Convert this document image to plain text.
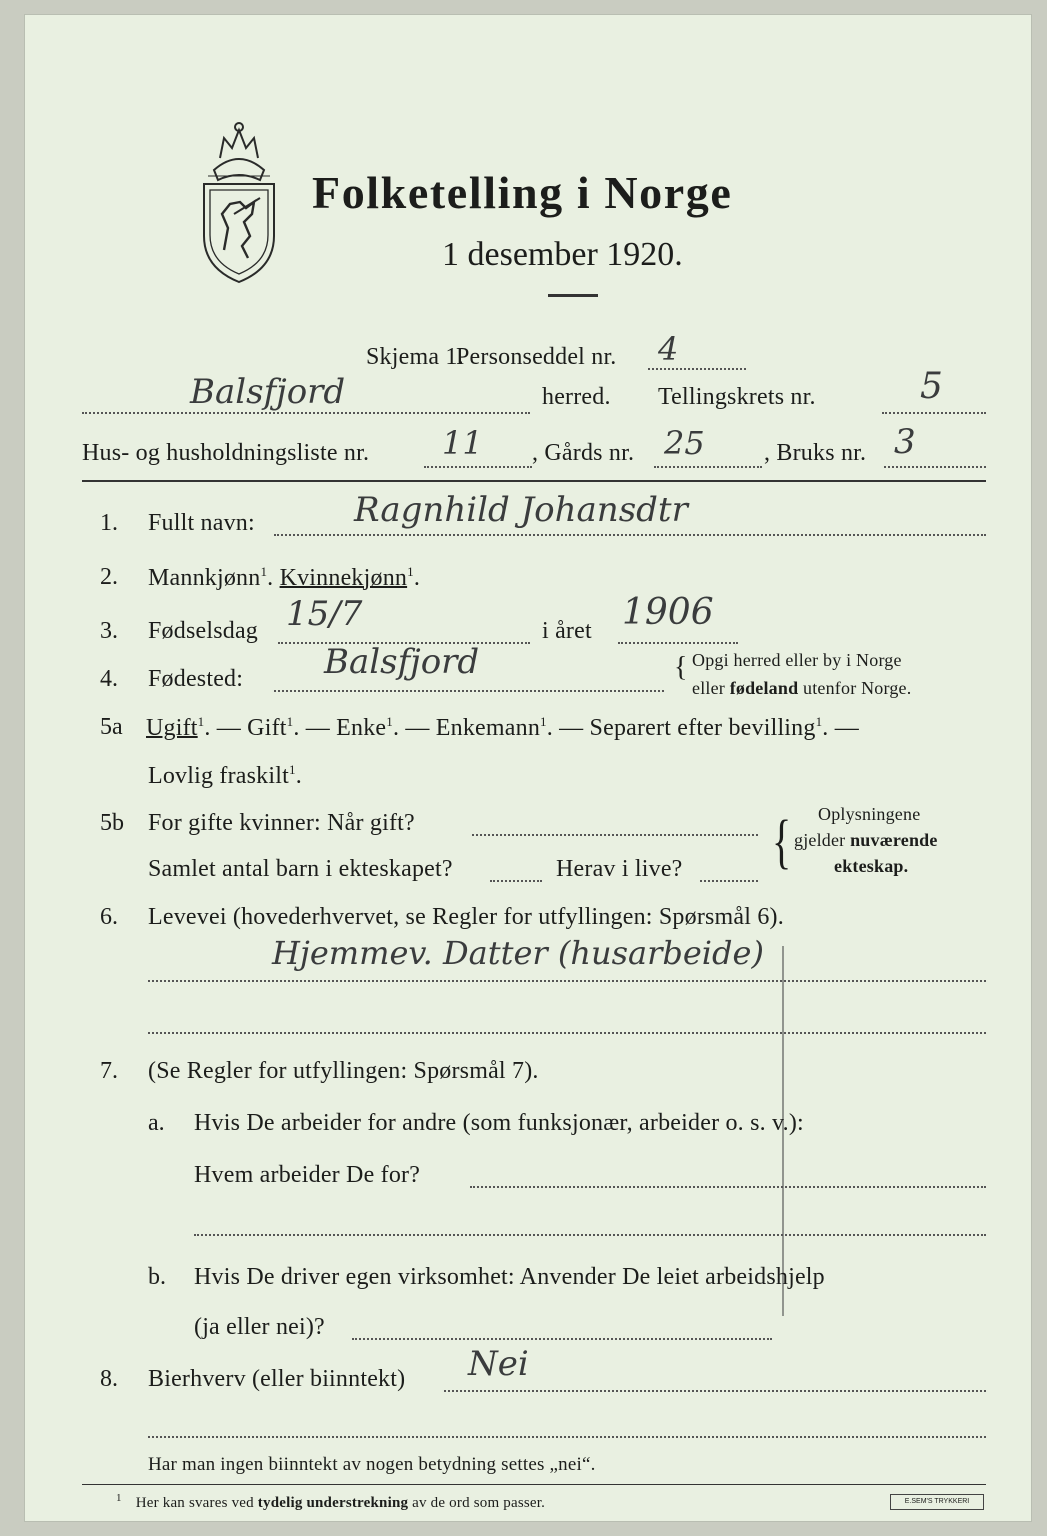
Folketelling i Norge
1 desember 1920.
Skjema 1.
Personseddel nr. 4
Balsfjord	herred. Tellingskrets nr.	5
Hus- og husholdningsliste nr. 11 , Gårds nr. 25 , Bruks nr. 3
1. Fullt navn:	Ragnhild Johansdtr
2. Mannkjønn$^1$. Kvinnekjønn$^1$.
3. Fødselsdag 15/7	i året 1906
4. Fødested: Balsfjord	{ Opgi herred eller by i Norge
eller fødeland utenfor Norge.
5a Ugift$^1$. — Gift$^1$. — Enke$^1$. — Enkemann$^1$. — Separert efter bevilling$^1$. —
Lovlig fraskilt$^1$.
5b For gifte kvinner: Når gift?
Samlet antal barn i ekteskapet?	Herav i live? { Oplysningene
gjelder nuværende
ekteskap.
6. Levevei (hovederhvervet, se Regler for utfyllingen: Spørsmål 6).
Hjemmev. Datter (husarbeide)
7. (Se Regler for utfyllingen: Spørsmål 7).
a. Hvis De arbeider for andre (som funksjonær, arbeider o. s. v.):
Hvem arbeider De for?
b. Hvis De driver egen virksomhet: Anvender De leiet arbeidshjelp
(ja eller nei)?
8. Bierhverv (eller biinntekt) Nei
Har man ingen biinntekt av nogen betydning settes „nei“.
$^1$ Her kan svares ved tydelig understrekning av de ord som passer.	E.SEM'S TRYKKERI
